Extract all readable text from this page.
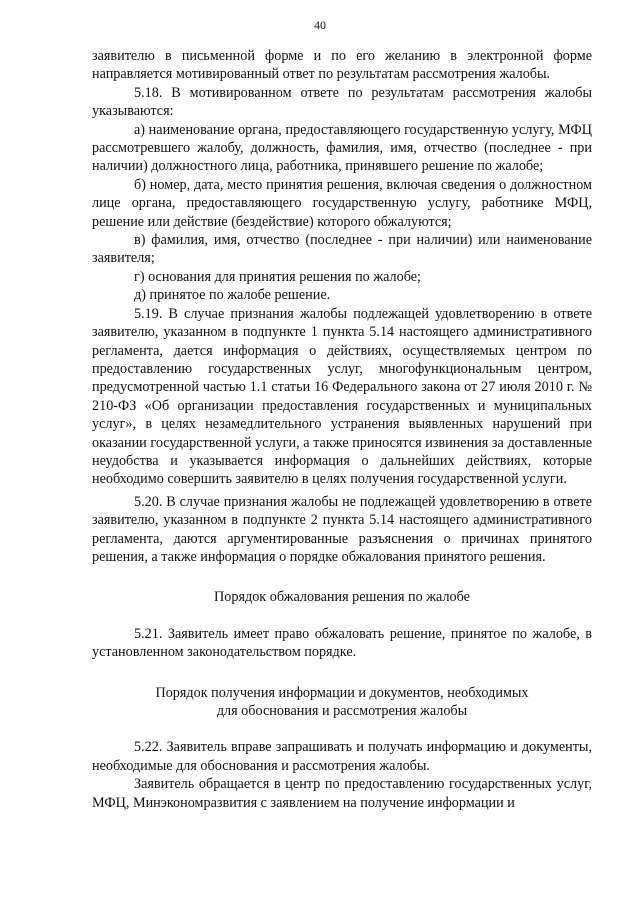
40

заявителю в письменной форме и по его желанию в электронной форме направляется мотивированный ответ по результатам рассмотрения жалобы.

5.18. В мотивированном ответе по результатам рассмотрения жалобы указываются:

а) наименование органа, предоставляющего государственную услугу, МФЦ рассмотревшего жалобу, должность, фамилия, имя, отчество (последнее - при наличии) должностного лица, работника, принявшего решение по жалобе;

б) номер, дата, место принятия решения, включая сведения о должностном лице органа, предоставляющего государственную услугу, работнике МФЦ, решение или действие (бездействие) которого обжалуются;

в) фамилия, имя, отчество (последнее - при наличии) или наименование заявителя;

г) основания для принятия решения по жалобе;

д) принятое по жалобе решение.

5.19. В случае признания жалобы подлежащей удовлетворению в ответе заявителю, указанном в подпункте 1 пункта 5.14 настоящего административного регламента, дается информация о действиях, осуществляемых центром по предоставлению государственных услуг, многофункциональным центром, предусмотренной частью 1.1 статьи 16 Федерального закона от 27 июля 2010 г. № 210-ФЗ «Об организации предоставления государственных и муниципальных услуг», в целях незамедлительного устранения выявленных нарушений при оказании государственной услуги, а также приносятся извинения за доставленные неудобства и указывается информация о дальнейших действиях, которые необходимо совершить заявителю в целях получения государственной услуги.

5.20. В случае признания жалобы не подлежащей удовлетворению в ответе заявителю, указанном в подпункте 2 пункта 5.14 настоящего административного регламента, даются аргументированные разъяснения о причинах принятого решения, а также информация о порядке обжалования принятого решения.

Порядок обжалования решения по жалобе

5.21. Заявитель имеет право обжаловать решение, принятое по жалобе, в установленном законодательством порядке.

Порядок получения информации и документов, необходимых
для обоснования и рассмотрения жалобы

5.22. Заявитель вправе запрашивать и получать информацию и документы, необходимые для обоснования и рассмотрения жалобы.

Заявитель обращается в центр по предоставлению государственных услуг, МФЦ, Минэкономразвития с заявлением на получение информации и
